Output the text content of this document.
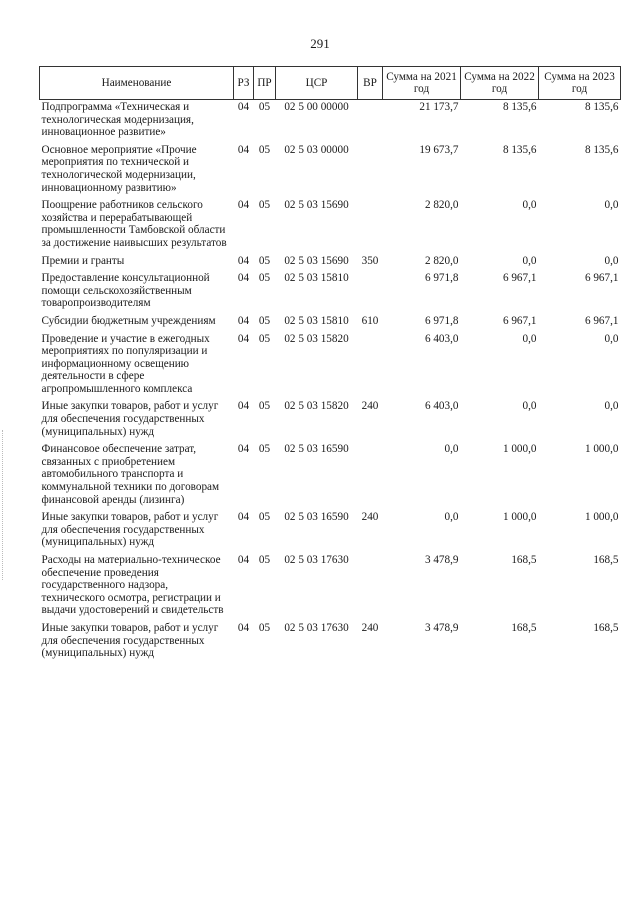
291
Наименование	РЗ	ПР	ЦСР	ВР	Сумма на 2021 год	Сумма на 2022 год	Сумма на 2023 год
Подпрограмма «Техническая и технологическая модернизация, инновационное развитие»	04	05	02 5 00 00000		21 173,7	8 135,6	8 135,6
Основное мероприятие «Прочие мероприятия по технической и технологической модернизации, инновационному развитию»	04	05	02 5 03 00000		19 673,7	8 135,6	8 135,6
Поощрение работников сельского хозяйства и перерабатывающей промышленности Тамбовской области за достижение наивысших результатов	04	05	02 5 03 15690		2 820,0	0,0	0,0
Премии и гранты	04	05	02 5 03 15690	350	2 820,0	0,0	0,0
Предоставление консультационной помощи сельскохозяйственным товаропроизводителям	04	05	02 5 03 15810		6 971,8	6 967,1	6 967,1
Субсидии бюджетным учреждениям	04	05	02 5 03 15810	610	6 971,8	6 967,1	6 967,1
Проведение и участие в ежегодных мероприятиях по популяризации и информационному освещению деятельности в сфере агропромышленного комплекса	04	05	02 5 03 15820		6 403,0	0,0	0,0
Иные закупки товаров, работ и услуг для обеспечения государственных (муниципальных) нужд	04	05	02 5 03 15820	240	6 403,0	0,0	0,0
Финансовое обеспечение затрат, связанных с приобретением автомобильного транспорта и коммунальной техники по договорам финансовой аренды (лизинга)	04	05	02 5 03 16590		0,0	1 000,0	1 000,0
Иные закупки товаров, работ и услуг для обеспечения государственных (муниципальных) нужд	04	05	02 5 03 16590	240	0,0	1 000,0	1 000,0
Расходы на материально-техническое обеспечение проведения государственного надзора, технического осмотра, регистрации и выдачи удостоверений и свидетельств	04	05	02 5 03 17630		3 478,9	168,5	168,5
Иные закупки товаров, работ и услуг для обеспечения государственных (муниципальных) нужд	04	05	02 5 03 17630	240	3 478,9	168,5	168,5
